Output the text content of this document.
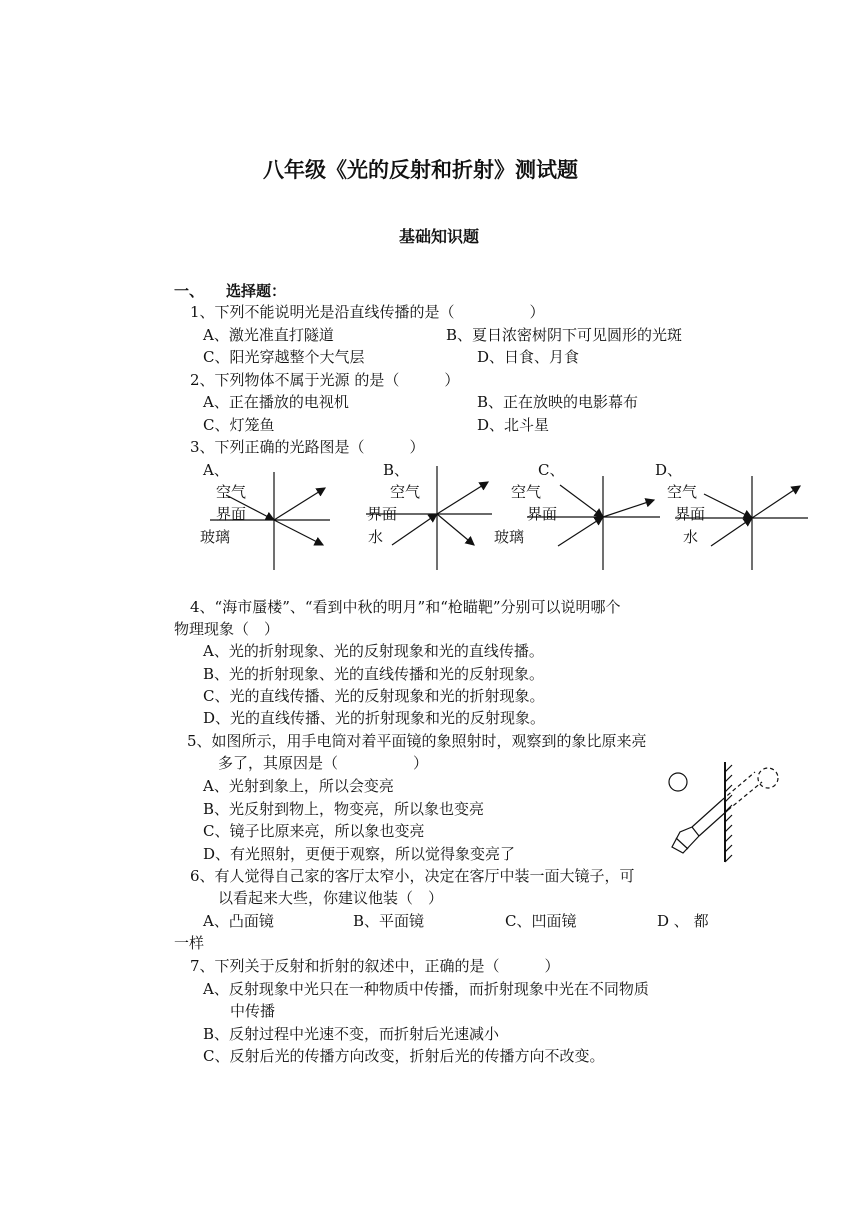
八年级《光的反射和折射》测试题
基础知识题
一、 选择题：
1、下列不能说明光是沿直线传播的是（　　　　　）
A、激光准直打隧道	B、夏日浓密树阴下可见圆形的光斑
C、阳光穿越整个大气层	D、日食、月食
2、下列物体不属于光源 的是（　　　）
A、正在播放的电视机	B、正在放映的电影幕布
C、灯笼鱼	D、北斗星
3、下列正确的光路图是（　　　）
A、	B、	C、	D、
空气
界面
玻璃
空气
界面
水
空气
界面
玻璃
空气
界面
水
4、“海市蜃楼”、“看到中秋的明月”和“枪瞄靶”分别可以说明哪个
物理现象（　）
A、光的折射现象、光的反射现象和光的直线传播。
B、光的折射现象、光的直线传播和光的反射现象。
C、光的直线传播、光的反射现象和光的折射现象。
D、光的直线传播、光的折射现象和光的反射现象。
5、如图所示，用手电筒对着平面镜的象照射时，观察到的象比原来亮
多了，其原因是（　　　　　）
A、光射到象上，所以会变亮
B、光反射到物上，物变亮，所以象也变亮
C、镜子比原来亮，所以象也变亮
D、有光照射，更便于观察，所以觉得象变亮了
6、有人觉得自己家的客厅太窄小，决定在客厅中装一面大镜子，可
以看起来大些，你建议他装（　）
A、凸面镜	B、平面镜	C、凹面镜	D 、 都
一样
7、下列关于反射和折射的叙述中，正确的是（　　　）
A、反射现象中光只在一种物质中传播，而折射现象中光在不同物质
中传播
B、反射过程中光速不变，而折射后光速减小
C、反射后光的传播方向改变，折射后光的传播方向不改变。
